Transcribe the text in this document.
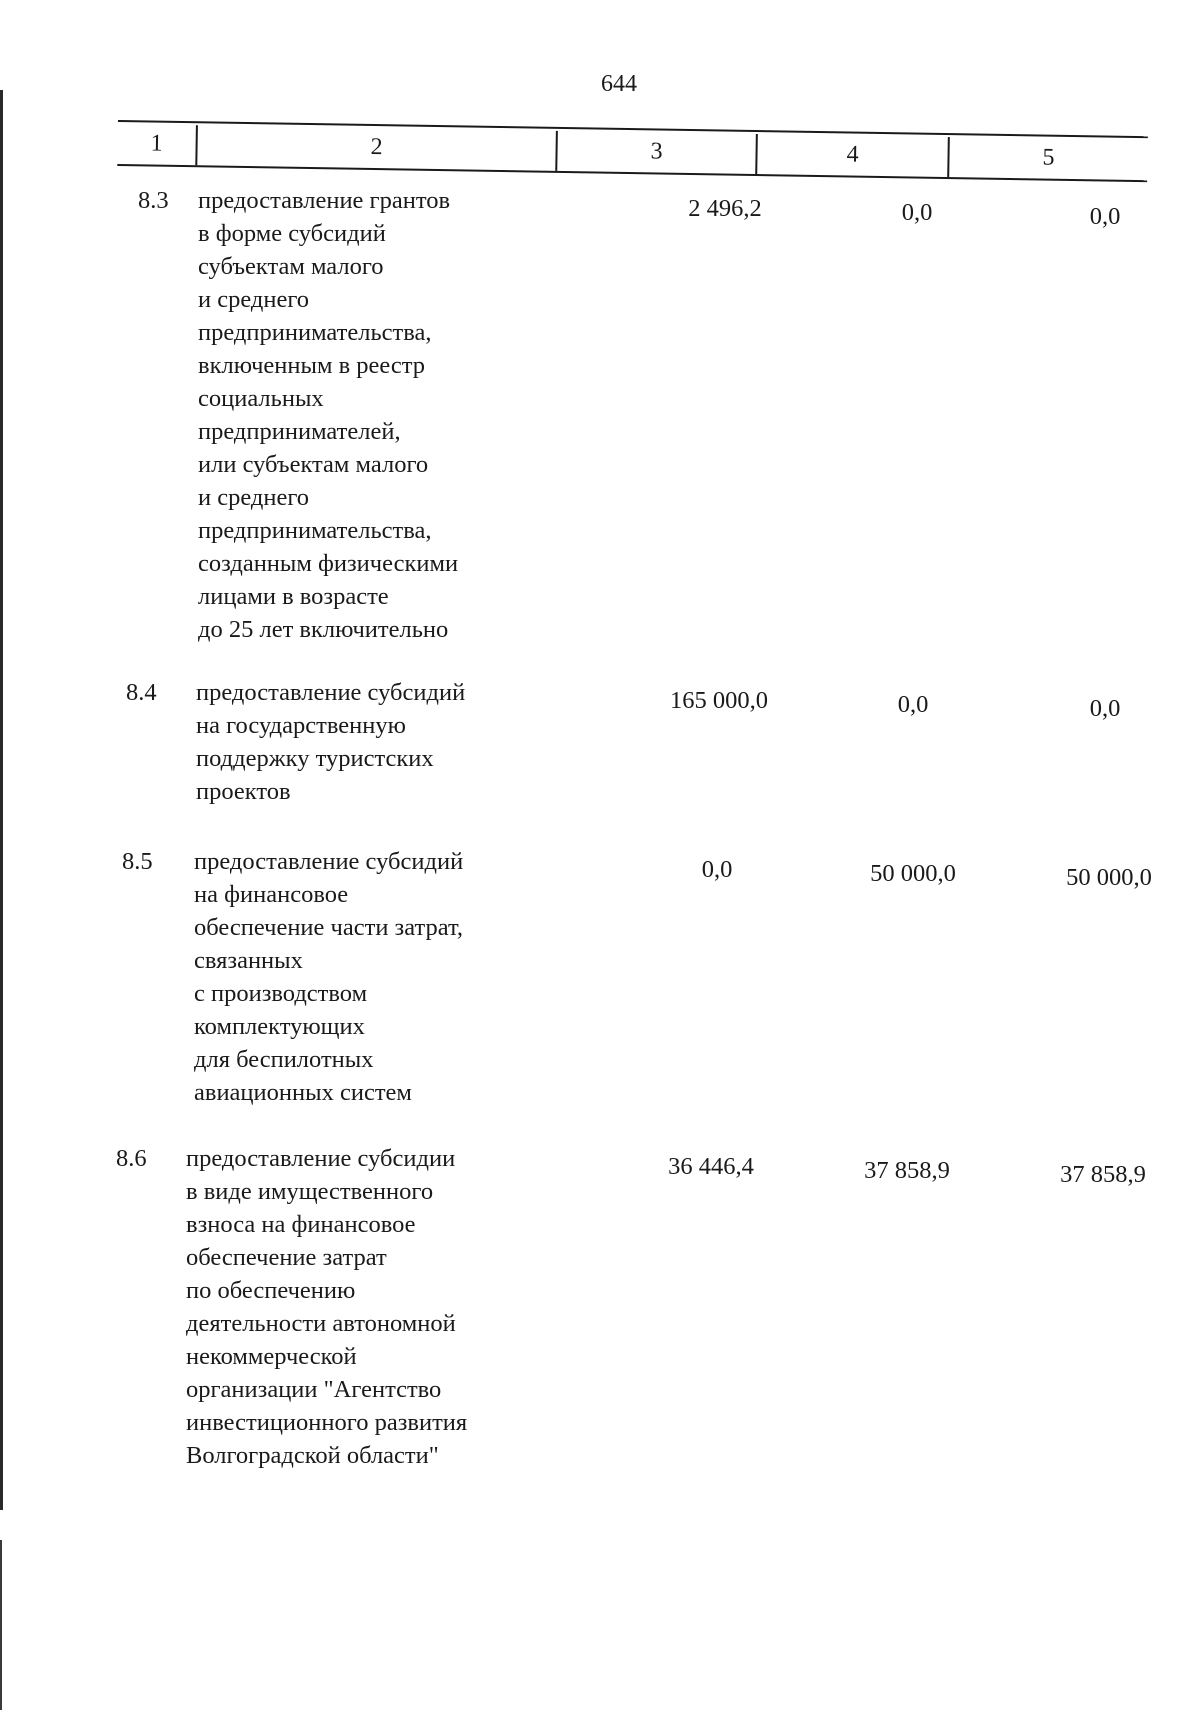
644
1	2	3	4	5
8.3 предоставление грантов
в форме субсидий
субъектам малого
и среднего
предпринимательства,
включенным в реестр
социальных
предпринимателей,
или субъектам малого
и среднего
предпринимательства,
созданным физическими
лицами в возрасте
до 25 лет включительно
2 496,2	0,0	0,0
8.4 предоставление субсидий
на государственную
поддержку туристских
проектов
165 000,0	0,0	0,0
8.5 предоставление субсидий
на финансовое
обеспечение части затрат,
связанных
с производством
комплектующих
для беспилотных
авиационных систем
0,0	50 000,0	50 000,0
8.6 предоставление субсидии
в виде имущественного
взноса на финансовое
обеспечение затрат
по обеспечению
деятельности автономной
некоммерческой
организации "Агентство
инвестиционного развития
Волгоградской области"
36 446,4	37 858,9	37 858,9
